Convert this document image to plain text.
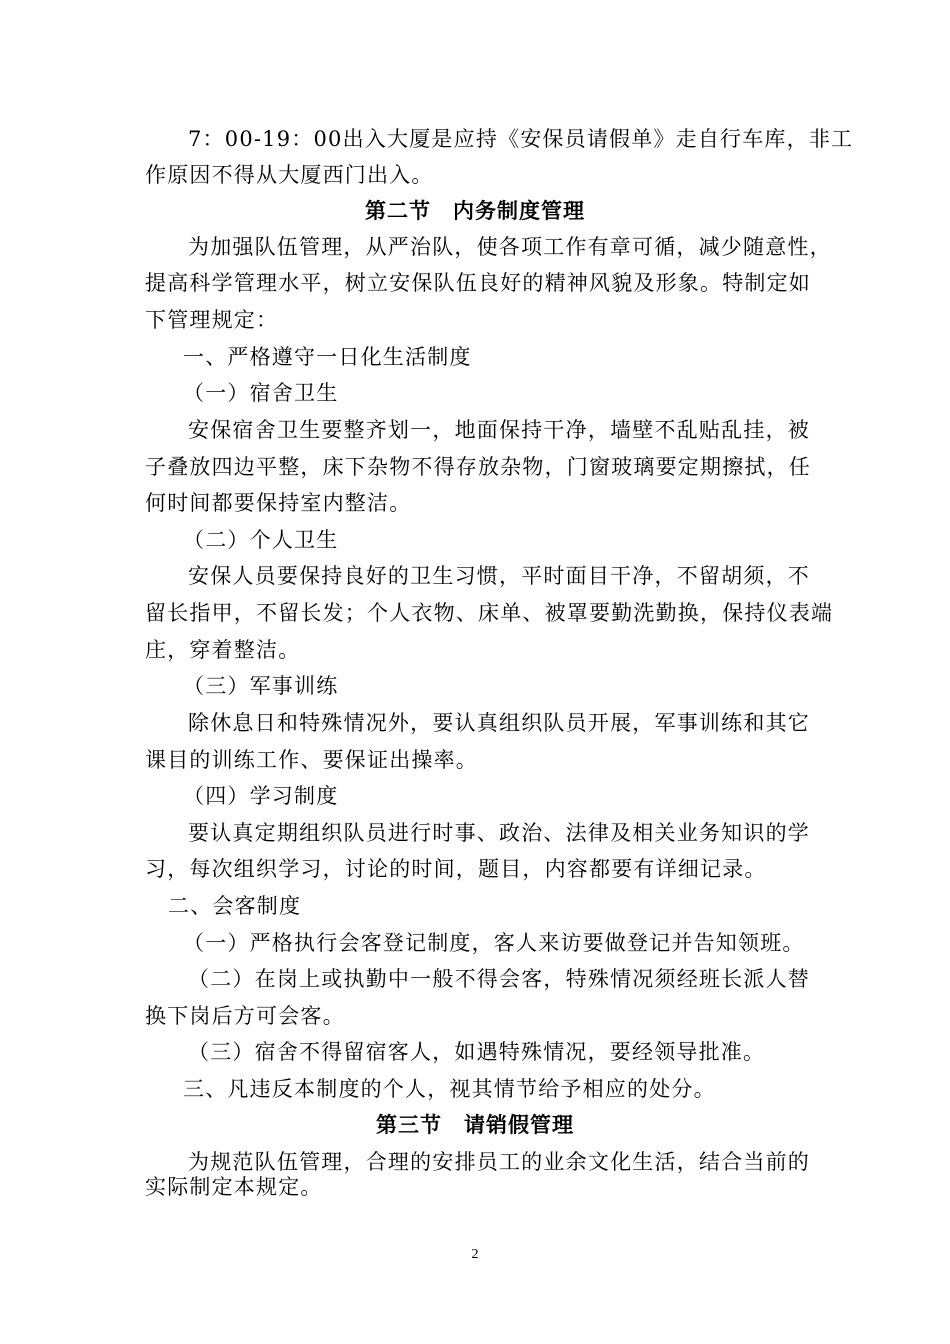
7：00-19：00出入大厦是应持《安保员请假单》走自行车库，非工
作原因不得从大厦西门出入。
第二节　内务制度管理
为加强队伍管理，从严治队，使各项工作有章可循，减少随意性，
提高科学管理水平，树立安保队伍良好的精神风貌及形象。特制定如
下管理规定：
一、严格遵守一日化生活制度
（一）宿舍卫生
安保宿舍卫生要整齐划一，地面保持干净，墙壁不乱贴乱挂，被
子叠放四边平整，床下杂物不得存放杂物，门窗玻璃要定期擦拭，任
何时间都要保持室内整洁。
（二）个人卫生
安保人员要保持良好的卫生习惯，平时面目干净，不留胡须，不
留长指甲，不留长发；个人衣物、床单、被罩要勤洗勤换，保持仪表端
庄，穿着整洁。
（三）军事训练
除休息日和特殊情况外，要认真组织队员开展，军事训练和其它
课目的训练工作、要保证出操率。
（四）学习制度
要认真定期组织队员进行时事、政治、法律及相关业务知识的学
习，每次组织学习，讨论的时间，题目，内容都要有详细记录。
二、会客制度
（一）严格执行会客登记制度，客人来访要做登记并告知领班。
（二）在岗上或执勤中一般不得会客，特殊情况须经班长派人替
换下岗后方可会客。
（三）宿舍不得留宿客人，如遇特殊情况，要经领导批准。
三、凡违反本制度的个人，视其情节给予相应的处分。
第三节　请销假管理
为规范队伍管理，合理的安排员工的业余文化生活，结合当前的
实际制定本规定。
2
